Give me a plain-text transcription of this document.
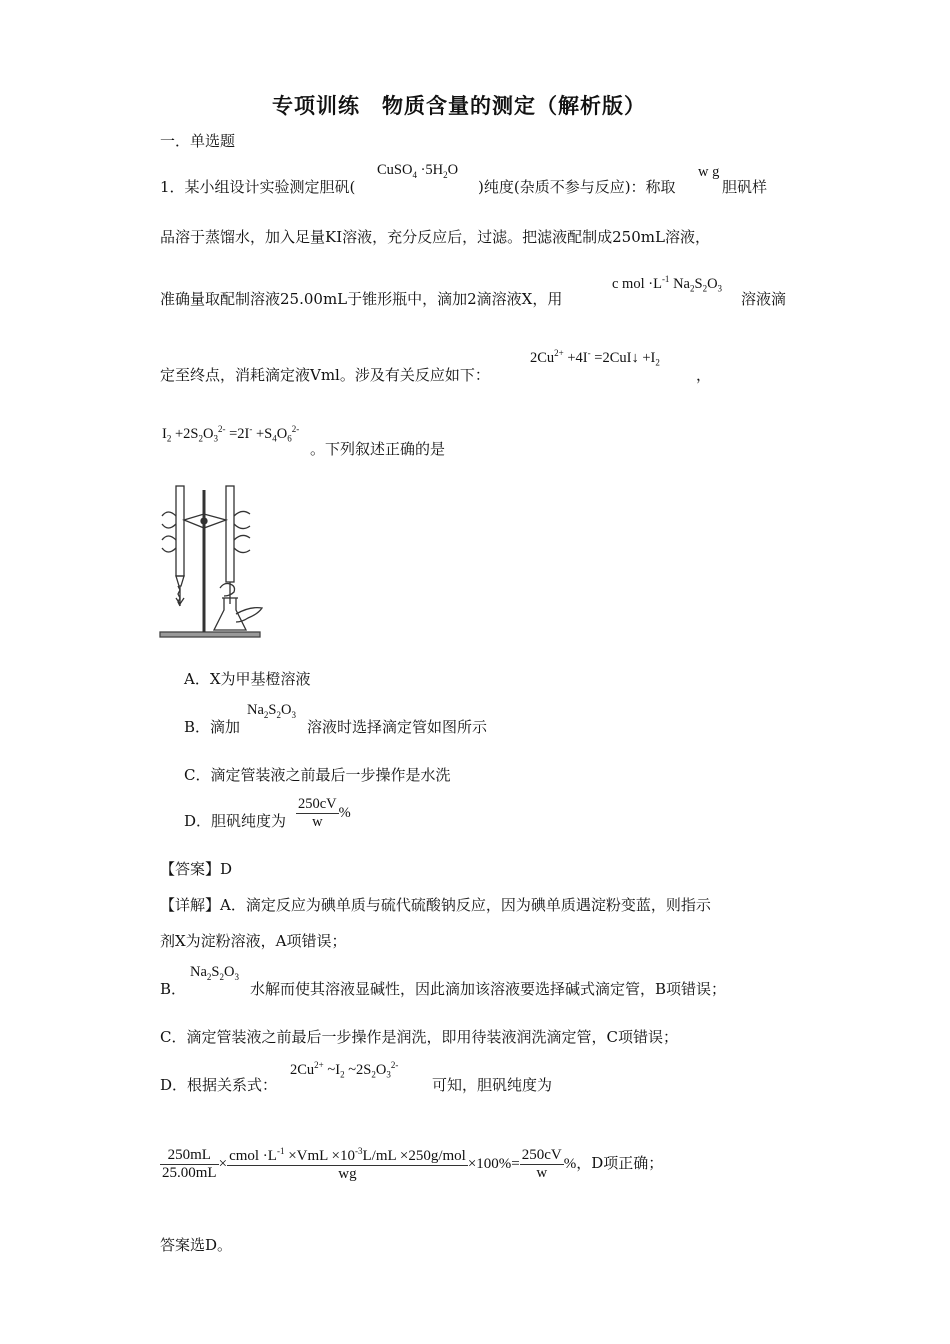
专项训练　物质含量的测定（解析版）
一．单选题
1．某小组设计实验测定胆矾(
CuSO$_4$ $\cdot 5H_2O$
)纯度(杂质不参与反应)：称取
w g
胆矾样
品溶于蒸馏水，加入足量KI溶液，充分反应后，过滤。把滤液配制成250mL溶液，
准确量取配制溶液25.00mL于锥形瓶中，滴加2滴溶液X，用
c mol $\cdot L^{-1}$ $Na_2S_2O_3$
溶液滴
定至终点，消耗滴定液Vml。涉及有关反应如下：
$2Cu^{2+} +4I^-$ =2CuI↓ $+I_2$
，
$I_2 +2S_2O_3^{2-} =2I^- +S_4O_6^{2-}$
。下列叙述正确的是
A．X为甲基橙溶液
B．滴加
$Na_2S_2O_3$
溶液时选择滴定管如图所示
C．滴定管装液之前最后一步操作是水洗
D．胆矾纯度为 $\frac{250cV}{w}$ %
【答案】D
【详解】A．滴定反应为碘单质与硫代硫酸钠反应，因为碘单质遇淀粉变蓝，则指示
剂X为淀粉溶液，A项错误；
B．
$Na_2S_2O_3$
水解而使其溶液显碱性，因此滴加该溶液要选择碱式滴定管，B项错误；
C．滴定管装液之前最后一步操作是润洗，即用待装液润洗滴定管，C项错误；
D．根据关系式：
$2Cu^{2+}$ $\sim I_2$ $\sim 2S_2O_3^{2-}$
可知，胆矾纯度为
$\frac{250mL}{25.00mL} \times \frac{cmol \cdot L^{-1} \times VmL \times 10^{-3}L/mL \times 250g/mol}{wg} \times 100\%= \frac{250cV}{w}$ %，D项正确；
答案选D。
